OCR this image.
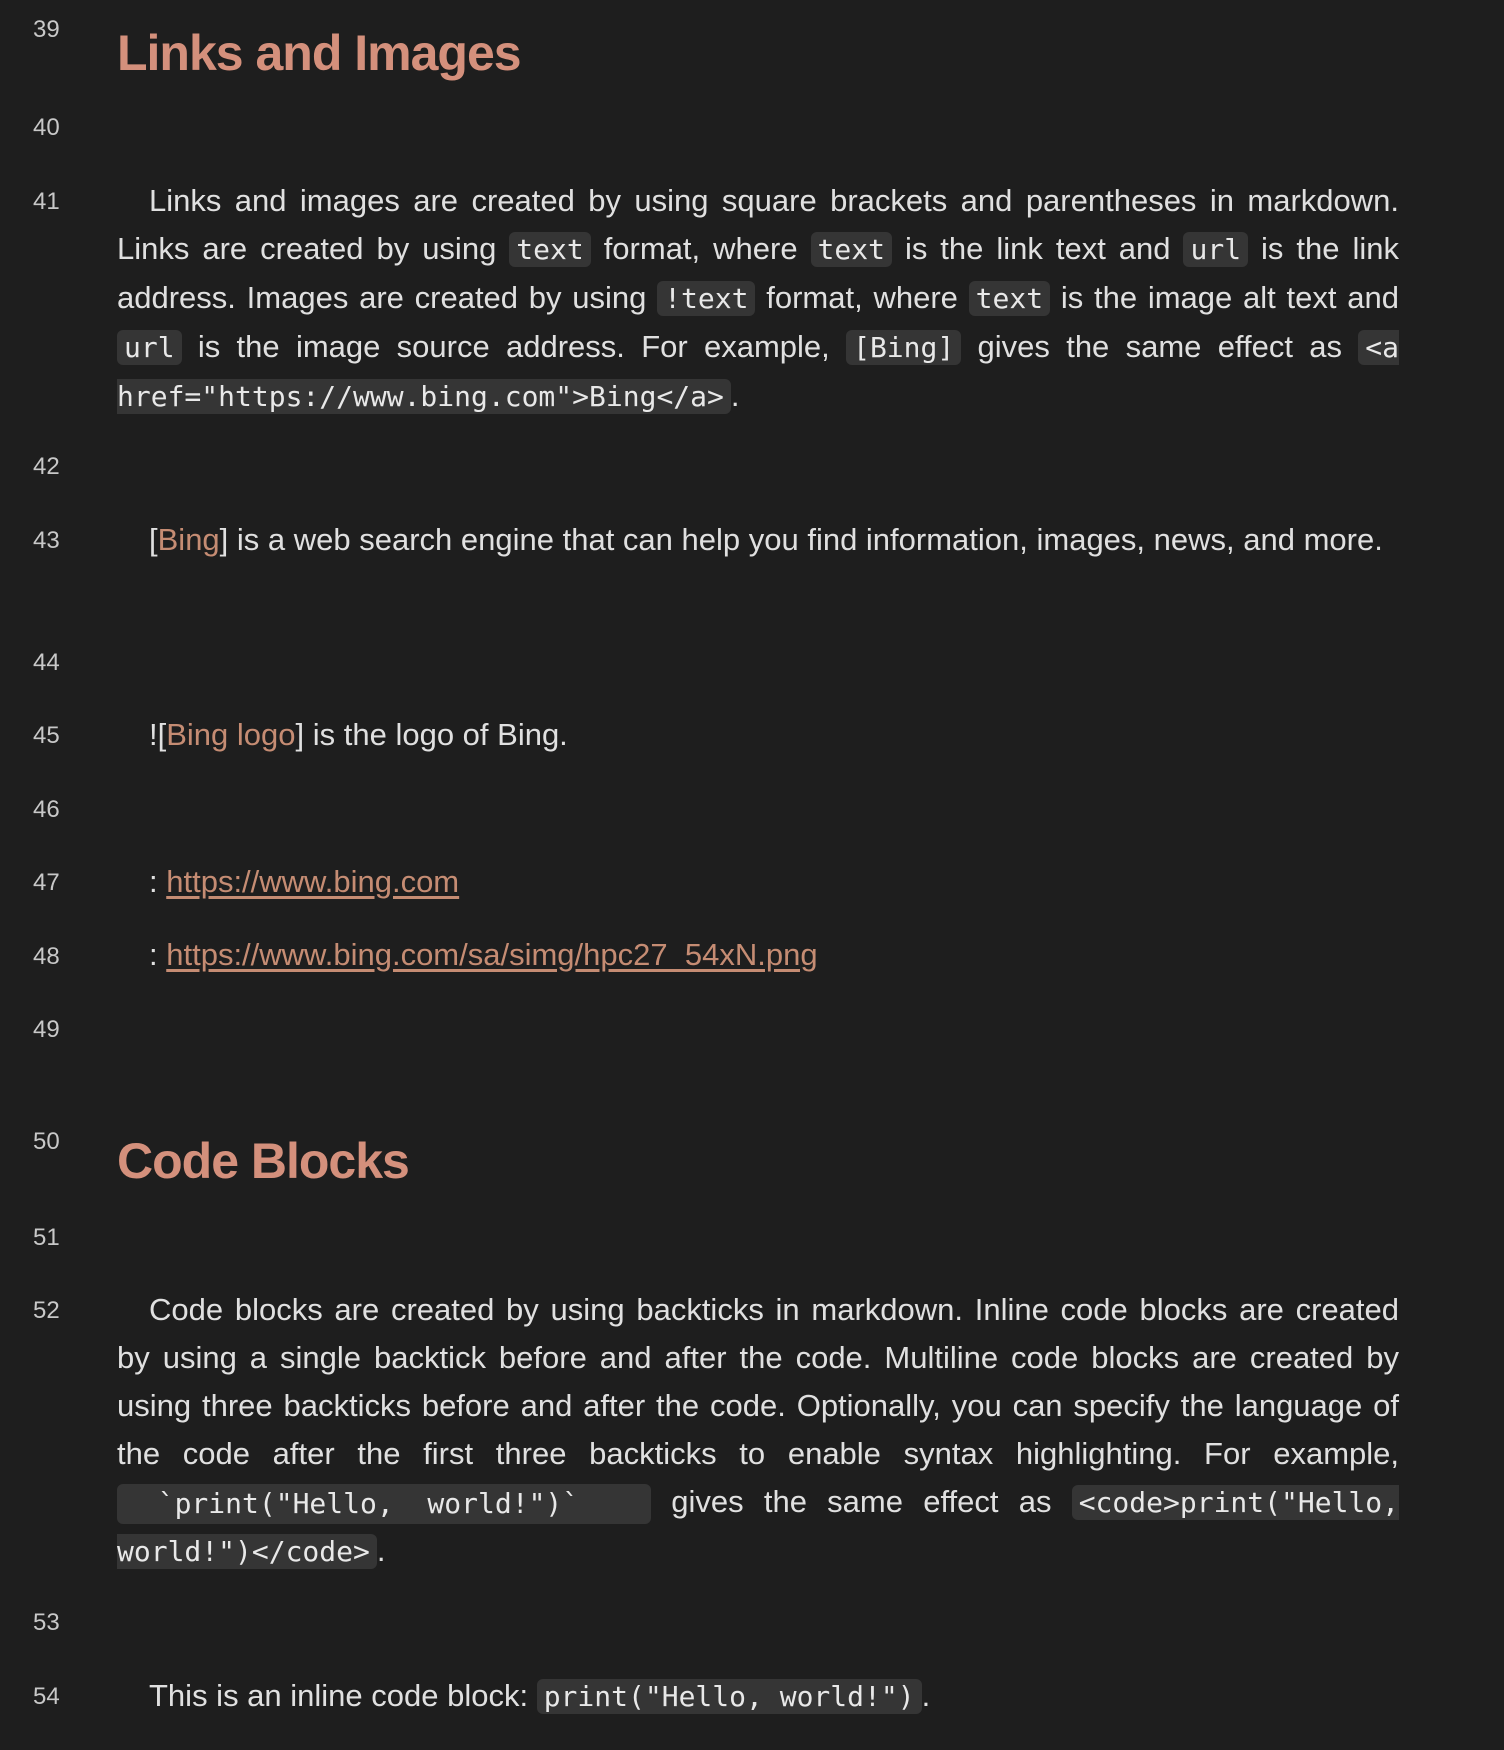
39
40
41
42
43
44
45
46
47
48
49
50
51
52
53
54
Links and Images
Links and images are created by using square brackets and parentheses in markdown. Links are created by using text format, where text is the link text and url is the link address. Images are created by using !text format, where text is the image alt text and url is the image source address. For example, [Bing] gives the same effect as <a href="https://www.bing.com">Bing</a> .
[Bing] is a web search engine that can help you find information, images, news, and more.
![Bing logo] is the logo of Bing.
: https://www.bing.com
: https://www.bing.com/sa/simg/hpc27_54xN.png
Code Blocks
Code blocks are created by using backticks in markdown. Inline code blocks are created by using a single backtick before and after the code. Multiline code blocks are created by using three backticks before and after the code. Optionally, you can specify the language of the code after the first three backticks to enable syntax highlighting. For example,   `print("Hello,  world!")` gives the same effect as <code>print("Hello, world!")</code> .
This is an inline code block: print("Hello, world!") .
